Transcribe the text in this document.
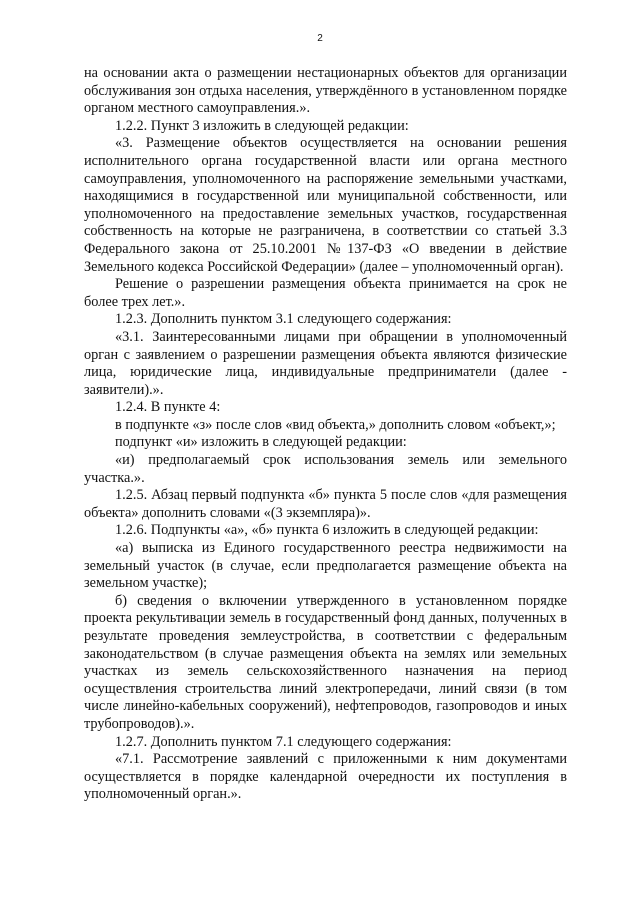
2

на основании акта о размещении нестационарных объектов для организации обслуживания зон отдыха населения, утверждённого в установленном порядке органом местного самоуправления.».

1.2.2. Пункт 3 изложить в следующей редакции:

«3. Размещение объектов осуществляется на основании решения исполнительного органа государственной власти или органа местного самоуправления, уполномоченного на распоряжение земельными участками, находящимися в государственной или муниципальной собственности, или уполномоченного на предоставление земельных участков, государственная собственность на которые не разграничена, в соответствии со статьей 3.3 Федерального закона от 25.10.2001 №137-ФЗ «О введении в действие Земельного кодекса Российской Федерации» (далее – уполномоченный орган).

Решение о разрешении размещения объекта принимается на срок не более трех лет.».

1.2.3. Дополнить пунктом 3.1 следующего содержания:

«3.1. Заинтересованными лицами при обращении в уполномоченный орган с заявлением о разрешении размещения объекта являются физические лица, юридические лица, индивидуальные предприниматели (далее - заявители).».

1.2.4. В пункте 4:

в подпункте «з» после слов «вид объекта,» дополнить словом «объект,»;

подпункт «и» изложить в следующей редакции:

«и) предполагаемый срок использования земель или земельного участка.».

1.2.5. Абзац первый подпункта «б» пункта 5 после слов «для размещения объекта» дополнить словами «(3 экземпляра)».

1.2.6. Подпункты «а», «б» пункта 6 изложить в следующей редакции:

«а) выписка из Единого государственного реестра недвижимости на земельный участок (в случае, если предполагается размещение объекта на земельном участке);

б) сведения о включении утвержденного в установленном порядке проекта рекультивации земель в государственный фонд данных, полученных в результате проведения землеустройства, в соответствии с федеральным законодательством (в случае размещения объекта на землях или земельных участках из земель сельскохозяйственного назначения на период осуществления строительства линий электропередачи, линий связи (в том числе линейно-кабельных сооружений), нефтепроводов, газопроводов и иных трубопроводов).».

1.2.7. Дополнить пунктом 7.1 следующего содержания:

«7.1. Рассмотрение заявлений с приложенными к ним документами осуществляется в порядке календарной очередности их поступления в уполномоченный орган.».
